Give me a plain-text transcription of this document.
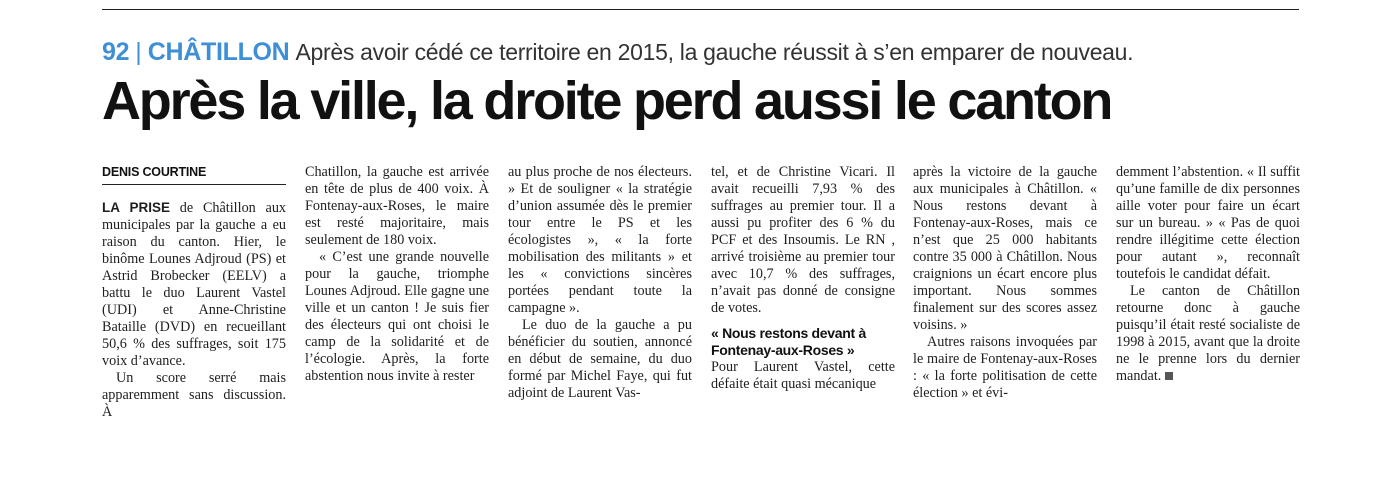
92 | CHÂTILLON Après avoir cédé ce territoire en 2015, la gauche réussit à s’en emparer de nouveau.
Après la ville, la droite perd aussi le canton
DENIS COURTINE

LA PRISE de Châtillon aux municipales par la gauche a eu raison du canton. Hier, le binôme Lounes Adjroud (PS) et Astrid Brobecker (EELV) a battu le duo Laurent Vastel (UDI) et Anne-Christine Bataille (DVD) en recueillant 50,6 % des suffrages, soit 175 voix d’avance.

Un score serré mais apparemment sans discussion. À

Chatillon, la gauche est arrivée en tête de plus de 400 voix. À Fontenay-aux-Roses, le maire est resté majoritaire, mais seulement de 180 voix.

« C’est une grande nouvelle pour la gauche, triomphe Lounes Adjroud. Elle gagne une ville et un canton ! Je suis fier des électeurs qui ont choisi le camp de la solidarité et de l’écologie. Après, la forte abstention nous invite à rester

au plus proche de nos électeurs. » Et de souligner « la stratégie d’union assumée dès le premier tour entre le PS et les écologistes », « la forte mobilisation des militants » et les « convictions sincères portées pendant toute la campagne ».

Le duo de la gauche a pu bénéficier du soutien, annoncé en début de semaine, du duo formé par Michel Faye, qui fut adjoint de Laurent Vas-

tel, et de Christine Vicari. Il avait recueilli 7,93 % des suffrages au premier tour. Il a aussi pu profiter des 6 % du PCF et des Insoumis. Le RN , arrivé troisième au premier tour avec 10,7 % des suffrages, n’avait pas donné de consigne de votes.

« Nous restons devant à Fontenay-aux-Roses »

Pour Laurent Vastel, cette défaite était quasi mécanique

après la victoire de la gauche aux municipales à Châtillon. « Nous restons devant à Fontenay-aux-Roses, mais ce n’est que 25 000 habitants contre 35 000 à Châtillon. Nous craignions un écart encore plus important. Nous sommes finalement sur des scores assez voisins. »

Autres raisons invoquées par le maire de Fontenay-aux-Roses : « la forte politisation de cette élection » et évi-

demment l’abstention. « Il suffit qu’une famille de dix personnes aille voter pour faire un écart sur un bureau. » « Pas de quoi rendre illégitime cette élection pour autant », reconnaît toutefois le candidat défait.

Le canton de Châtillon retourne donc à gauche puisqu’il était resté socialiste de 1998 à 2015, avant que la droite ne le prenne lors du dernier mandat.
